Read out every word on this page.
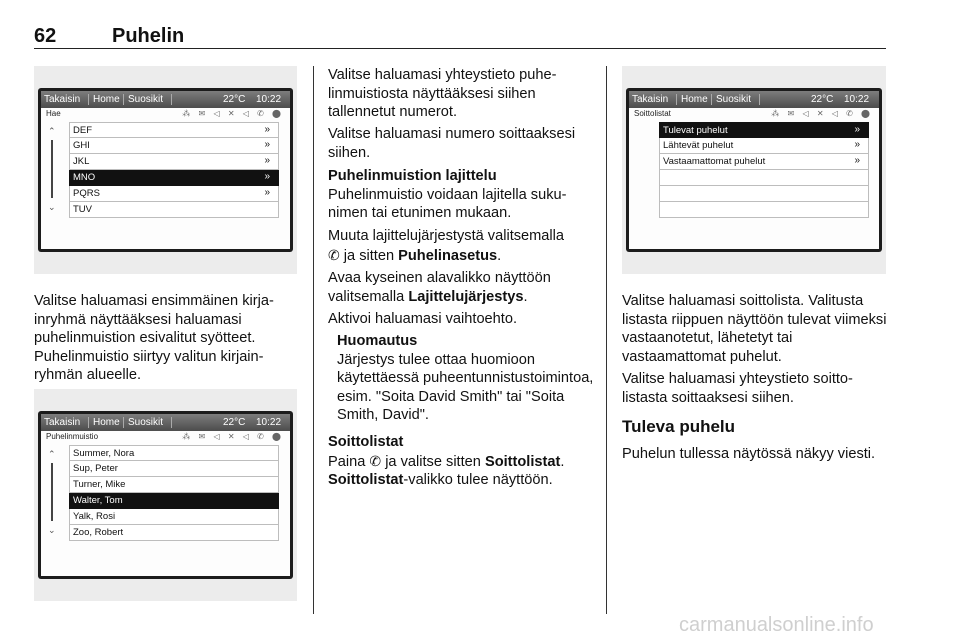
62	Puhelin
Takaisin Home Suosikit	22°C 10:22
Hae	⁂ ✉ ◁ ✕ ◁ ✆ ⬤
⌃
⌄
DEF	»
GHI	»
JKL	»
MNO	»
PQRS	»
TUV

Valitse haluamasi ensimmäinen kirjainryhmä näyttääksesi haluamasi puhelinmuistion esivalitut syötteet. Puhelinmuistio siirtyy valitun kirjainryhmän alueelle.

Takaisin Home Suosikit	22°C 10:22
Puhelinmuistio	⁂ ✉ ◁ ✕ ◁ ✆ ⬤
⌃
⌄
Summer, Nora
Sup, Peter
Turner, Mike
Walter, Tom
Yalk, Rosi
Zoo, Robert

Valitse haluamasi yhteystieto puhelinmuistiosta näyttääksesi siihen tallennetut numerot.

Valitse haluamasi numero soittaaksesi siihen.

Puhelinmuistion lajittelu
Puhelinmuistio voidaan lajitella sukunimen tai etunimen mukaan.

Muuta lajittelujärjestystä valitsemalla
✆ ja sitten Puhelinasetus.

Avaa kyseinen alavalikko näyttöön valitsemalla Lajittelujärjestys.

Aktivoi haluamasi vaihtoehto.

Huomautus
Järjestys tulee ottaa huomioon käytettäessä puheentunnistustoimintoa, esim. "Soita David Smith" tai "Soita Smith, David".
Soittolistat
Paina ✆ ja valitse sitten Soittolistat.
Soittolistat-valikko tulee näyttöön.
Takaisin Home Suosikit	22°C 10:22
Soittolistat	⁂ ✉ ◁ ✕ ◁ ✆ ⬤
Tulevat puhelut	»
Lähtevät puhelut	»
Vastaamattomat puhelut	»

Valitse haluamasi soittolista. Valitusta listasta riippuen näyttöön tulevat viimeksi vastaanotetut, lähetetyt tai vastaamattomat puhelut.

Valitse haluamasi yhteystieto soittolistasta soittaaksesi siihen.

Tuleva puhelu

Puhelun tullessa näytössä näkyy viesti.

carmanualsonline.info
